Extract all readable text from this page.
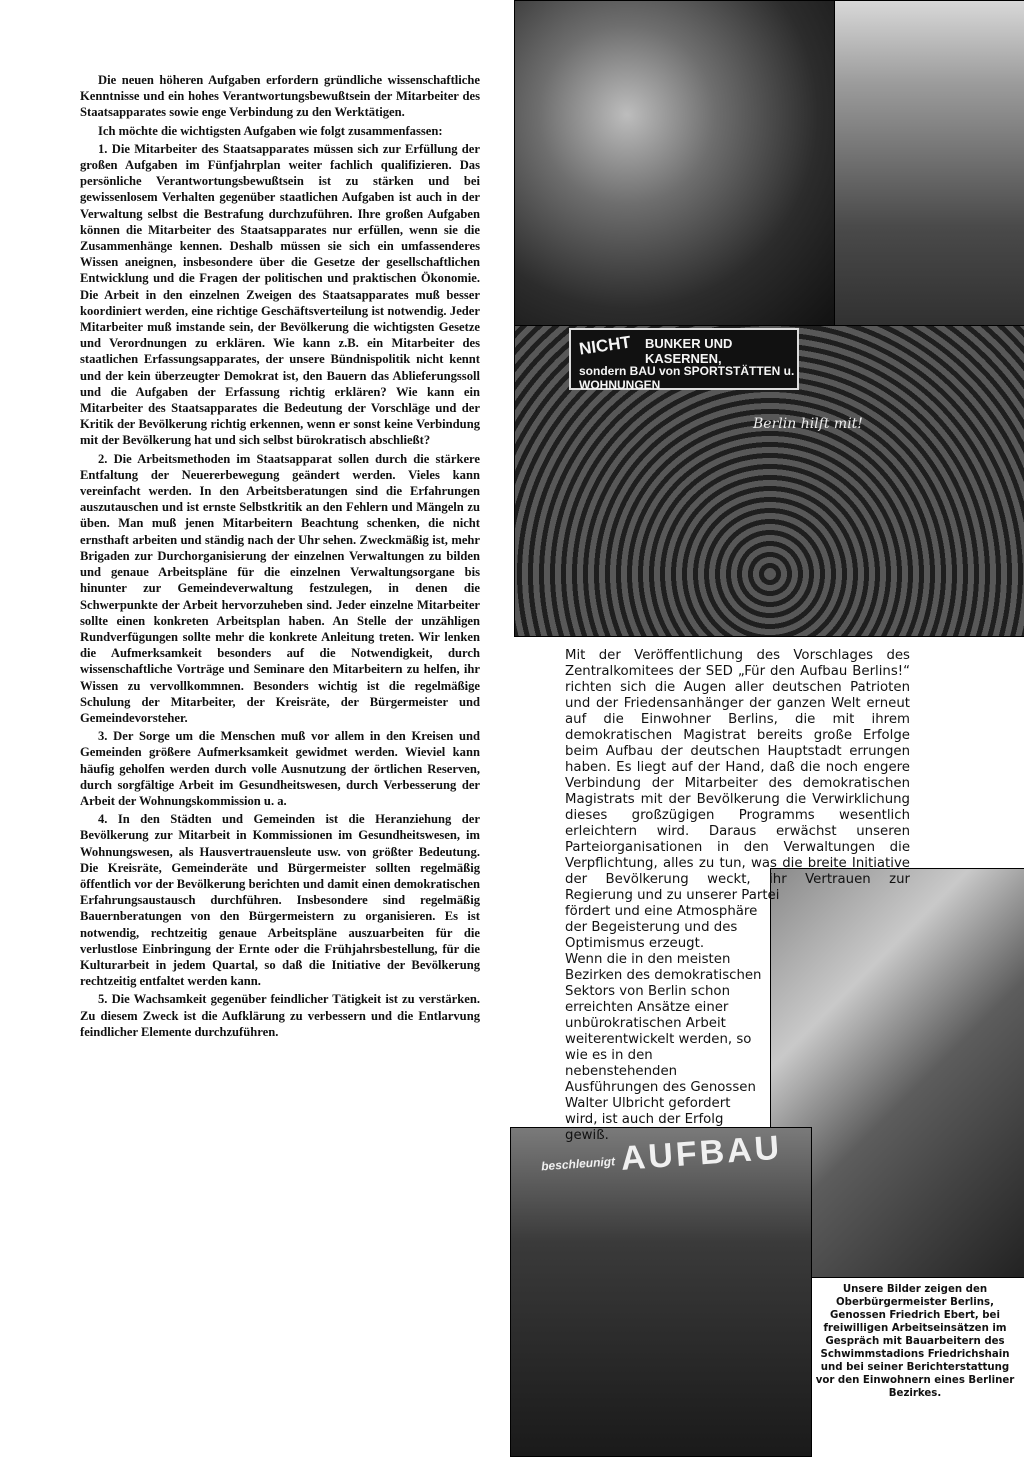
Die neuen höheren Aufgaben erfordern gründliche wissenschaftliche Kenntnisse und ein hohes Verantwortungsbewußtsein der Mitarbeiter des Staatsapparates sowie enge Verbindung zu den Werktätigen.

Ich möchte die wichtigsten Aufgaben wie folgt zusammenfassen:

1. Die Mitarbeiter des Staatsapparates müssen sich zur Erfüllung der großen Aufgaben im Fünfjahrplan weiter fachlich qualifizieren. Das persönliche Verantwortungsbewußtsein ist zu stärken und bei gewissenlosem Verhalten gegenüber staatlichen Aufgaben ist auch in der Verwaltung selbst die Bestrafung durchzuführen. Ihre großen Aufgaben können die Mitarbeiter des Staatsapparates nur erfüllen, wenn sie die Zusammenhänge kennen. Deshalb müssen sie sich ein umfassenderes Wissen aneignen, insbesondere über die Gesetze der gesellschaftlichen Entwicklung und die Fragen der politischen und praktischen Ökonomie. Die Arbeit in den einzelnen Zweigen des Staatsapparates muß besser koordiniert werden, eine richtige Geschäftsverteilung ist notwendig. Jeder Mitarbeiter muß imstande sein, der Bevölkerung die wichtigsten Gesetze und Verordnungen zu erklären. Wie kann z.B. ein Mitarbeiter des staatlichen Erfassungsapparates, der unsere Bündnispolitik nicht kennt und der kein überzeugter Demokrat ist, den Bauern das Ablieferungssoll und die Aufgaben der Erfassung richtig erklären? Wie kann ein Mitarbeiter des Staatsapparates die Bedeutung der Vorschläge und der Kritik der Bevölkerung richtig erkennen, wenn er sonst keine Verbindung mit der Bevölkerung hat und sich selbst bürokratisch abschließt?

2. Die Arbeitsmethoden im Staatsapparat sollen durch die stärkere Entfaltung der Neuererbewegung geändert werden. Vieles kann vereinfacht werden. In den Arbeitsberatungen sind die Erfahrungen auszutauschen und ist ernste Selbstkritik an den Fehlern und Mängeln zu üben. Man muß jenen Mitarbeitern Beachtung schenken, die nicht ernsthaft arbeiten und ständig nach der Uhr sehen. Zweckmäßig ist, mehr Brigaden zur Durchorganisierung der einzelnen Verwaltungen zu bilden und genaue Arbeitspläne für die einzelnen Verwaltungsorgane bis hinunter zur Gemeindeverwaltung festzulegen, in denen die Schwerpunkte der Arbeit hervorzuheben sind. Jeder einzelne Mitarbeiter sollte einen konkreten Arbeitsplan haben. An Stelle der unzähligen Rundverfügungen sollte mehr die konkrete Anleitung treten. Wir lenken die Aufmerksamkeit besonders auf die Notwendigkeit, durch wissenschaftliche Vorträge und Seminare den Mitarbeitern zu helfen, ihr Wissen zu vervollkommnen. Besonders wichtig ist die regelmäßige Schulung der Mitarbeiter, der Kreisräte, der Bürgermeister und Gemeindevorsteher.

3. Der Sorge um die Menschen muß vor allem in den Kreisen und Gemeinden größere Aufmerksamkeit gewidmet werden. Wieviel kann häufig geholfen werden durch volle Ausnutzung der örtlichen Reserven, durch sorgfältige Arbeit im Gesundheitswesen, durch Verbesserung der Arbeit der Wohnungskommission u. a.

4. In den Städten und Gemeinden ist die Heranziehung der Bevölkerung zur Mitarbeit in Kommissionen im Gesundheitswesen, im Wohnungswesen, als Hausvertrauensleute usw. von größter Bedeutung. Die Kreisräte, Gemeinderäte und Bürgermeister sollten regelmäßig öffentlich vor der Bevölkerung berichten und damit einen demokratischen Erfahrungsaustausch durchführen. Insbesondere sind regelmäßig Bauernberatungen von den Bürgermeistern zu organisieren. Es ist notwendig, rechtzeitig genaue Arbeitspläne auszuarbeiten für die verlustlose Einbringung der Ernte oder die Frühjahrsbestellung, für die Kulturarbeit in jedem Quartal, so daß die Initiative der Bevölkerung rechtzeitig entfaltet werden kann.

5. Die Wachsamkeit gegenüber feindlicher Tätigkeit ist zu verstärken. Zu diesem Zweck ist die Aufklärung zu verbessern und die Entlarvung feindlicher Elemente durchzuführen.

NICHT BUNKER UND KASERNEN,
sondern BAU von SPORTSTÄTTEN u. WOHNUNGEN
Berlin hilft mit!
beschleunigt AUFBAU
Mit der Veröffentlichung des Vorschlages des Zentralkomitees der SED „Für den Aufbau Berlins!“ richten sich die Augen aller deutschen Patrioten und der Friedensanhänger der ganzen Welt erneut auf die Einwohner Berlins, die mit ihrem demokratischen Magistrat bereits große Erfolge beim Aufbau der deutschen Hauptstadt errungen haben. Es liegt auf der Hand, daß die noch engere Verbindung der Mitarbeiter des demokratischen Magistrats mit der Bevölkerung die Verwirklichung dieses großzügigen Programms wesentlich erleichtern wird. Daraus erwächst unseren Parteiorganisationen in den Verwaltungen die Verpflichtung, alles zu tun, was die breite Initiative der Bevölkerung weckt, ihr Vertrauen zur Regierung und zu unserer Partei
fördert und eine Atmosphäre der Begeisterung und des Optimismus erzeugt.
Wenn die in den meisten Bezirken des demokratischen Sektors von Berlin schon erreichten Ansätze einer unbürokratischen Arbeit weiterentwickelt werden, so wie es in den nebenstehenden Ausführungen des Genossen Walter Ulbricht gefordert wird, ist auch der Erfolg gewiß.
Unsere Bilder zeigen den Oberbürgermeister Berlins, Genossen Friedrich Ebert, bei freiwilligen Arbeitseinsätzen im Gespräch mit Bauarbeitern des Schwimmstadions Friedrichshain und bei seiner Berichterstattung vor den Einwohnern eines Berliner Bezirkes.
